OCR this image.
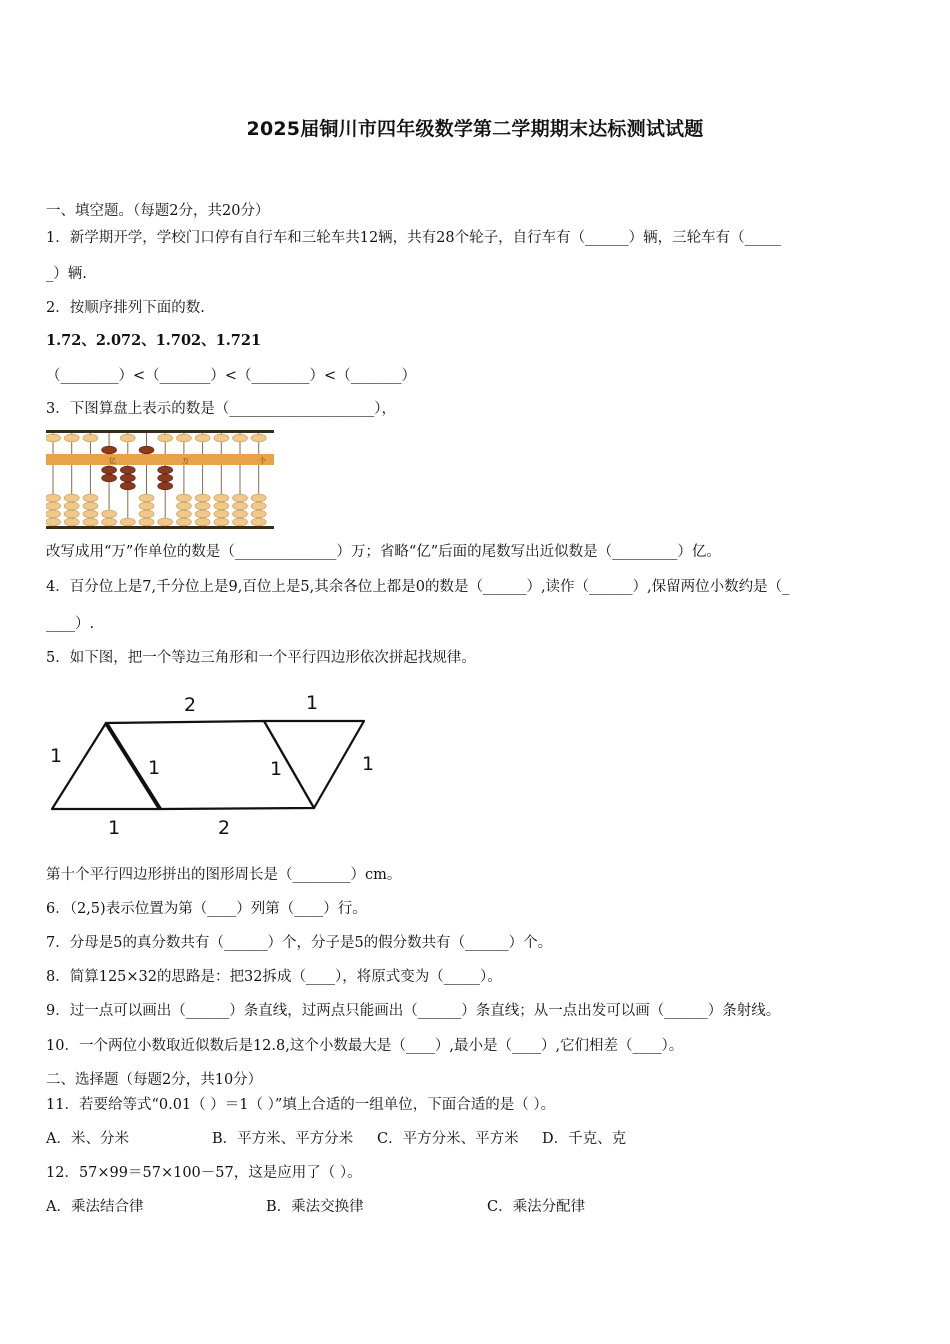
2025届铜川市四年级数学第二学期期末达标测试试题
一、填空题。（每题2分，共20分）
1．新学期开学，学校门口停有自行车和三轮车共12辆，共有28个轮子，自行车有（______）辆，三轮车有（_____
_）辆.
2．按顺序排列下面的数.
1.72、2.072、1.702、1.721
（________）<（_______）<（________）<（_______）
3．下图算盘上表示的数是（____________________），
亿	万	个
改写成用“万”作单位的数是（______________）万；省略“亿”后面的尾数写出近似数是（_________）亿。
4．百分位上是7,千分位上是9,百位上是5,其余各位上都是0的数是（______）,读作（______）,保留两位小数约是（_
____）.
5．如下图，把一个等边三角形和一个平行四边形依次拼起找规律。
1
2	1
1	1	1
1	2
第十个平行四边形拼出的图形周长是（________）cm。
6．（2,5)表示位置为第（____）列第（____）行。
7．分母是5的真分数共有（______）个，分子是5的假分数共有（______）个。
8．简算125×32的思路是：把32拆成（____），将原式变为（_____）。
9．过一点可以画出（______）条直线，过两点只能画出（______）条直线；从一点出发可以画（______）条射线。
10．一个两位小数取近似数后是12.8,这个小数最大是（____）,最小是（____）,它们相差（____）。
二、选择题（每题2分，共10分）
11．若要给等式“0.01（ ）＝1（ ）”填上合适的一组单位，下面合适的是（ ）。
A．米、分米	B．平方米、平方分米 C．平方分米、平方米 D．千克、克
12．57×99＝57×100－57，这是应用了（ ）。
A．乘法结合律	B．乘法交换律	C．乘法分配律
